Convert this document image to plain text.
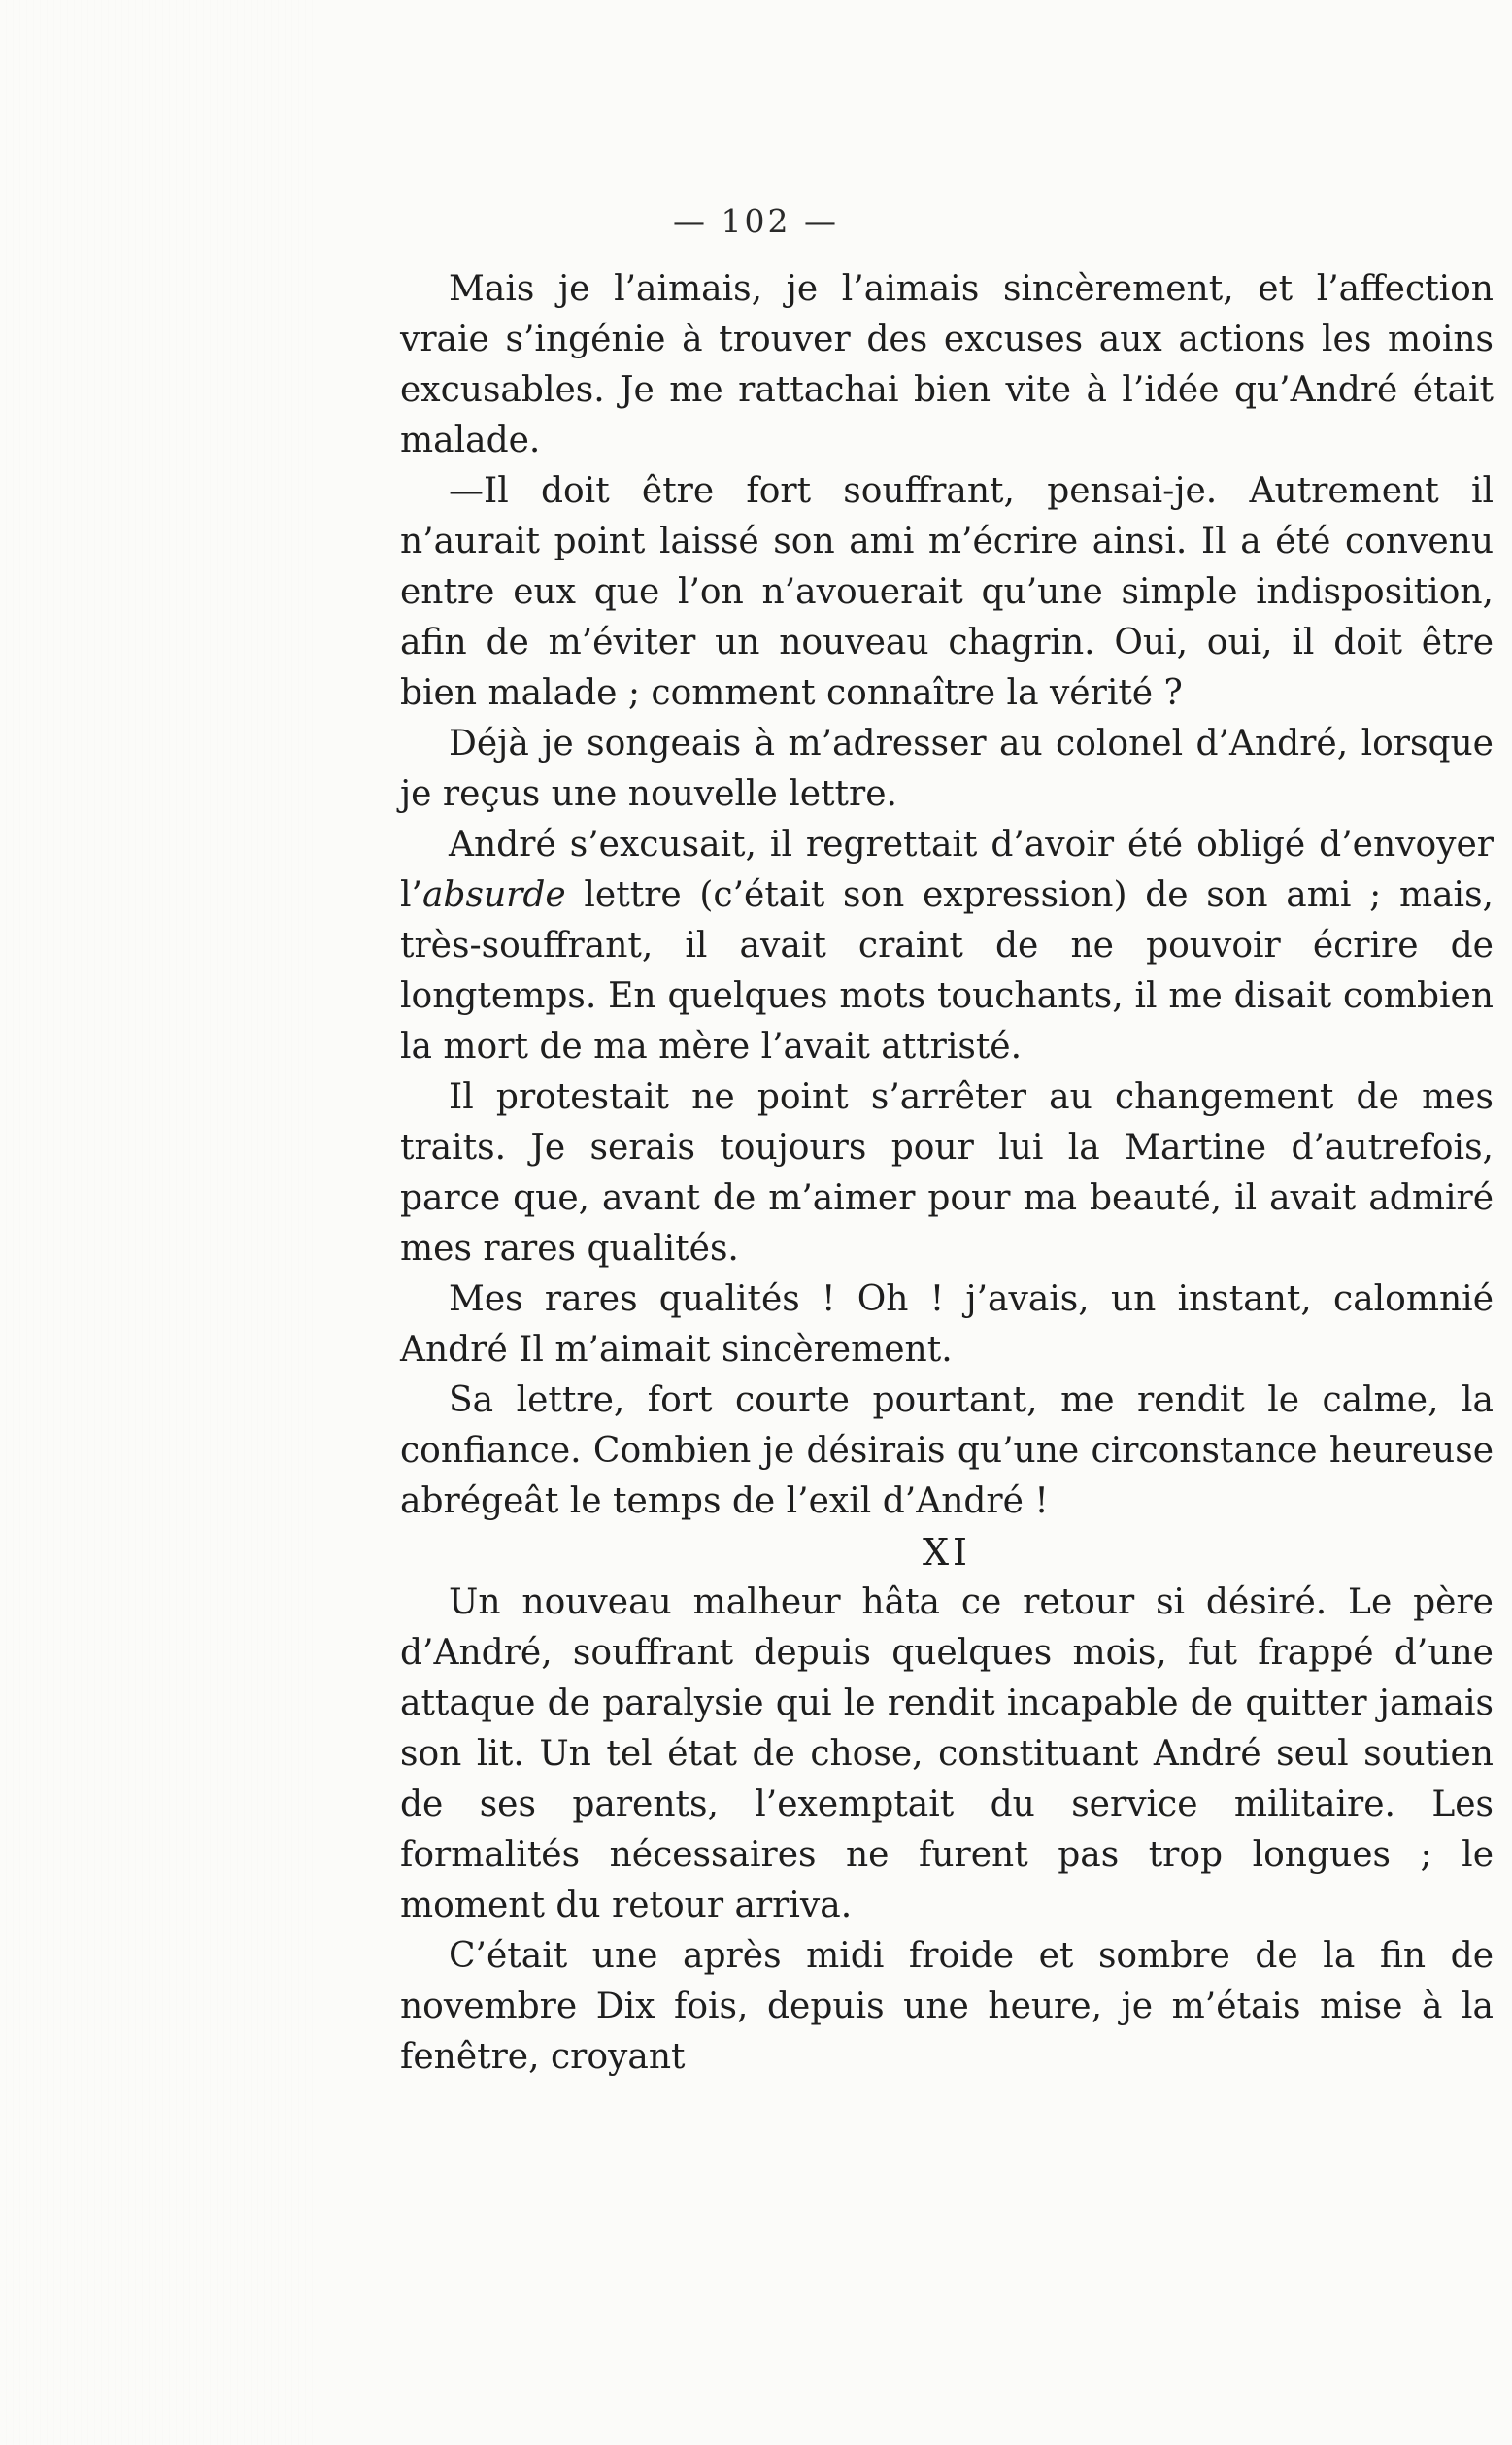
— 102 —

Mais je l’aimais, je l’aimais sincèrement, et l’affection vraie s’ingénie à trouver des excuses aux actions les moins excusables. Je me rattachai bien vite à l’idée qu’André était malade.

—Il doit être fort souffrant, pensai-je. Autrement il n’aurait point laissé son ami m’écrire ainsi. Il a été convenu entre eux que l’on n’avouerait qu’une simple indisposition, afin de m’éviter un nouveau chagrin. Oui, oui, il doit être bien malade ; comment connaître la vérité ?

Déjà je songeais à m’adresser au colonel d’André, lorsque je reçus une nouvelle lettre.

André s’excusait, il regrettait d’avoir été obligé d’envoyer l’absurde lettre (c’était son expression) de son ami ; mais, très-souffrant, il avait craint de ne pouvoir écrire de longtemps. En quelques mots touchants, il me disait combien la mort de ma mère l’avait attristé.

Il protestait ne point s’arrêter au changement de mes traits. Je serais toujours pour lui la Martine d’autrefois, parce que, avant de m’aimer pour ma beauté, il avait admiré mes rares qualités.

Mes rares qualités ! Oh ! j’avais, un instant, calomnié André Il m’aimait sincèrement.

Sa lettre, fort courte pourtant, me rendit le calme, la confiance. Combien je désirais qu’une circonstance heureuse abrégeât le temps de l’exil d’André !

XI

Un nouveau malheur hâta ce retour si désiré. Le père d’André, souffrant depuis quelques mois, fut frappé d’une attaque de paralysie qui le rendit incapable de quitter jamais son lit. Un tel état de chose, constituant André seul soutien de ses parents, l’exemptait du service militaire. Les formalités nécessaires ne furent pas trop longues ; le moment du retour arriva.

C’était une après midi froide et sombre de la fin de novembre Dix fois, depuis une heure, je m’étais mise à la fenêtre, croyant
